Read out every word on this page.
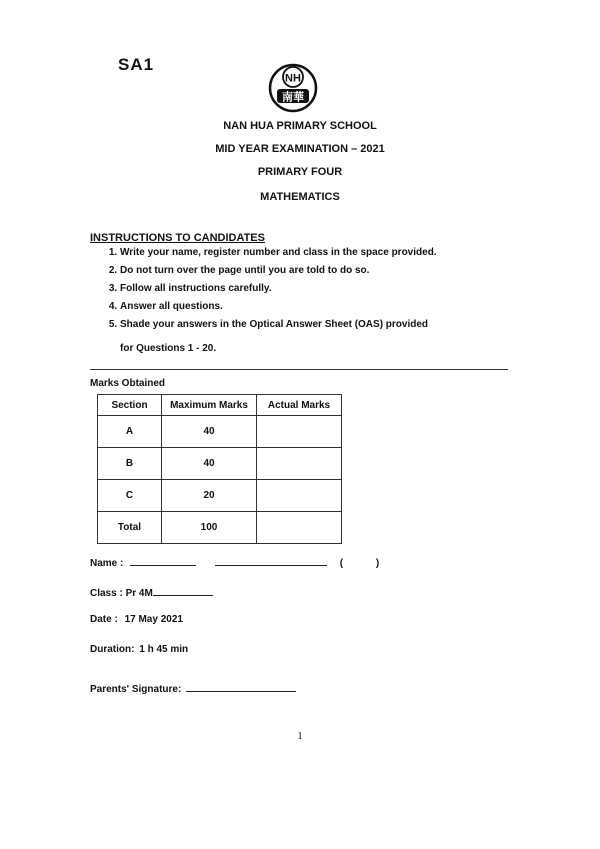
SA1
NH
南華
NAN HUA PRIMARY SCHOOL
MID YEAR EXAMINATION – 2021
PRIMARY FOUR
MATHEMATICS
INSTRUCTIONS TO CANDIDATES
1. Write your name, register number and class in the space provided.
2. Do not turn over the page until you are told to do so.
3. Follow all instructions carefully.
4. Answer all questions.
5. Shade your answers in the Optical Answer Sheet (OAS) provided
for Questions 1 - 20.
Marks Obtained
Section	Maximum Marks	Actual Marks
A	40	
B	40	
C	20	
Total	100	
Name :	(	)
Class : Pr 4M
Date : 17 May 2021
Duration: 1 h 45 min
Parents' Signature:
1
